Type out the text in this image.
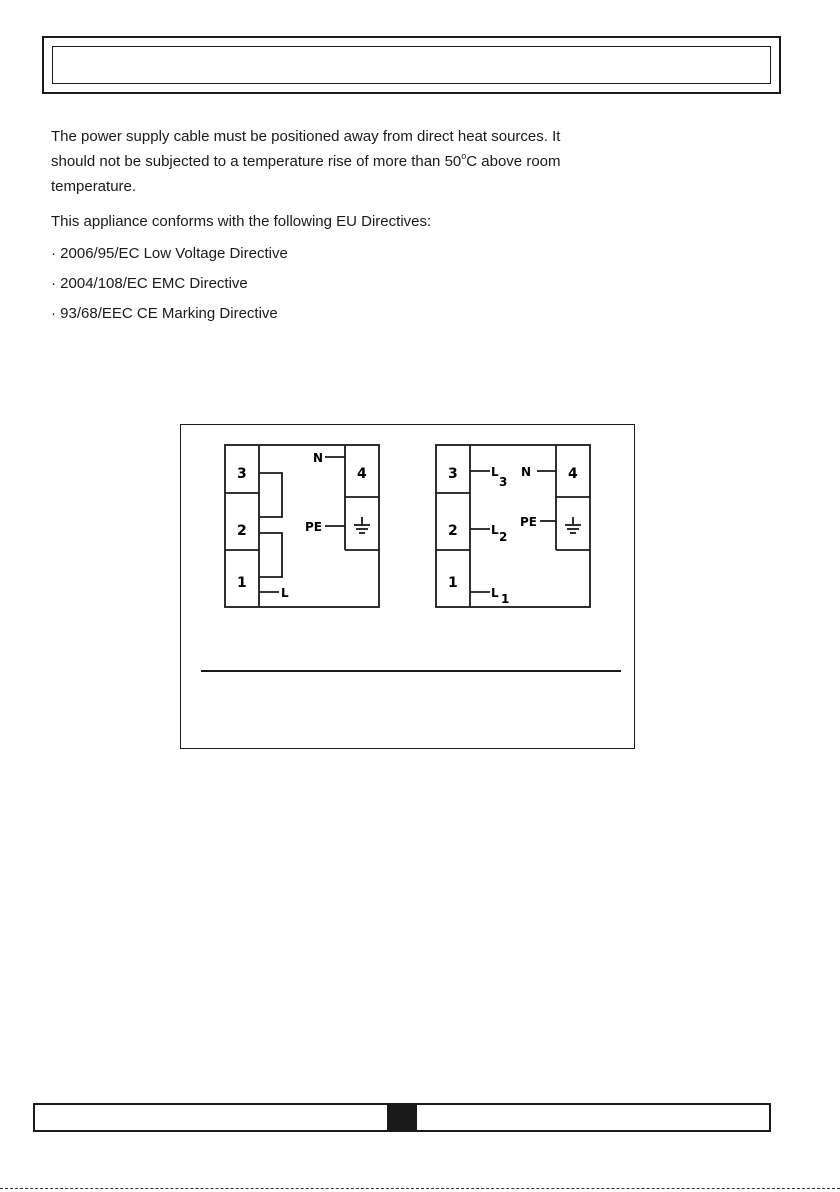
The power supply cable must be positioned away from direct heat sources. It

should not be subjected to a temperature rise of more than 50$^o$C above room

temperature.

This appliance conforms with the following EU Directives:

· 2006/95/EC Low Voltage Directive
· 2004/108/EC EMC Directive
· 93/68/EEC CE Marking Directive
3
2
1
4
N
PE
L
3
2
1
4
N
PE
L
3
L 2
L 1
